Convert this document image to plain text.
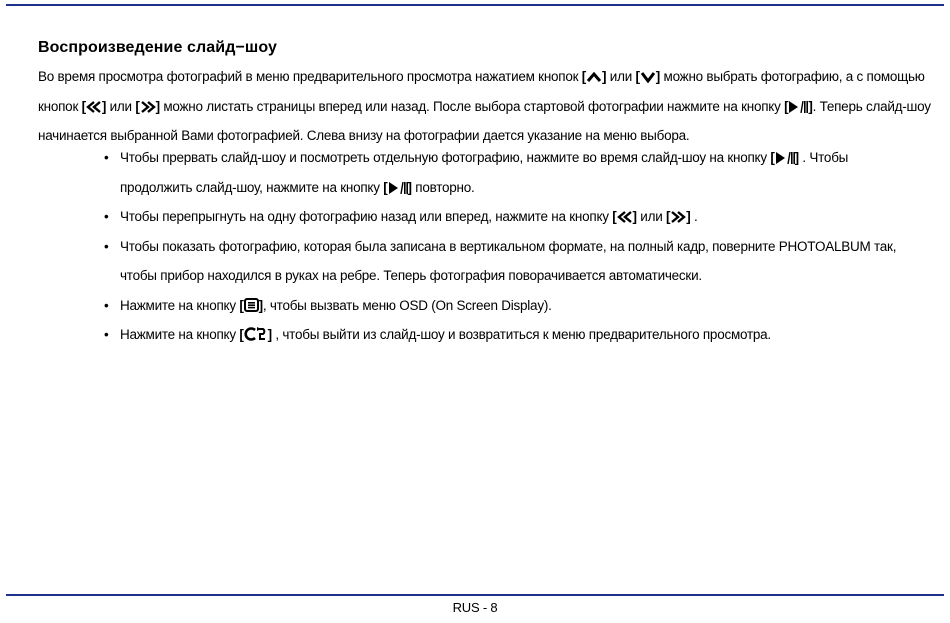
Воспроизведение слайд−шоу

Во время просмотра фотографий в меню предварительного просмотра нажатием кнопок [ ] или [ ] можно выбрать фотографию, а с помощью кнопок [ ] или [ ] можно листать страницы вперед или назад. После выбора стартовой фотографии нажмите на кнопку [ ]. Теперь слайд-шоу начинается выбранной Вами фотографией. Слева внизу на фотографии дается указание на меню выбора.

• Чтобы прервать слайд-шоу и посмотреть отдельную фотографию, нажмите во время слайд-шоу на кнопку [ ] . Чтобы продолжить слайд-шоу, нажмите на кнопку [ ] повторно.
• Чтобы перепрыгнуть на одну фотографию назад или вперед, нажмите на кнопку [ ] или [ ] .
• Чтобы показать фотографию, которая была записана в вертикальном формате, на полный кадр, поверните PHOTOALBUM так, чтобы прибор находился в руках на ребре. Теперь фотография поворачивается автоматически.
• Нажмите на кнопку [ ], чтобы вызвать меню OSD (On Screen Display).
• Нажмите на кнопку [ ] , чтобы выйти из слайд-шоу и возвратиться к меню предварительного просмотра.
RUS - 8
